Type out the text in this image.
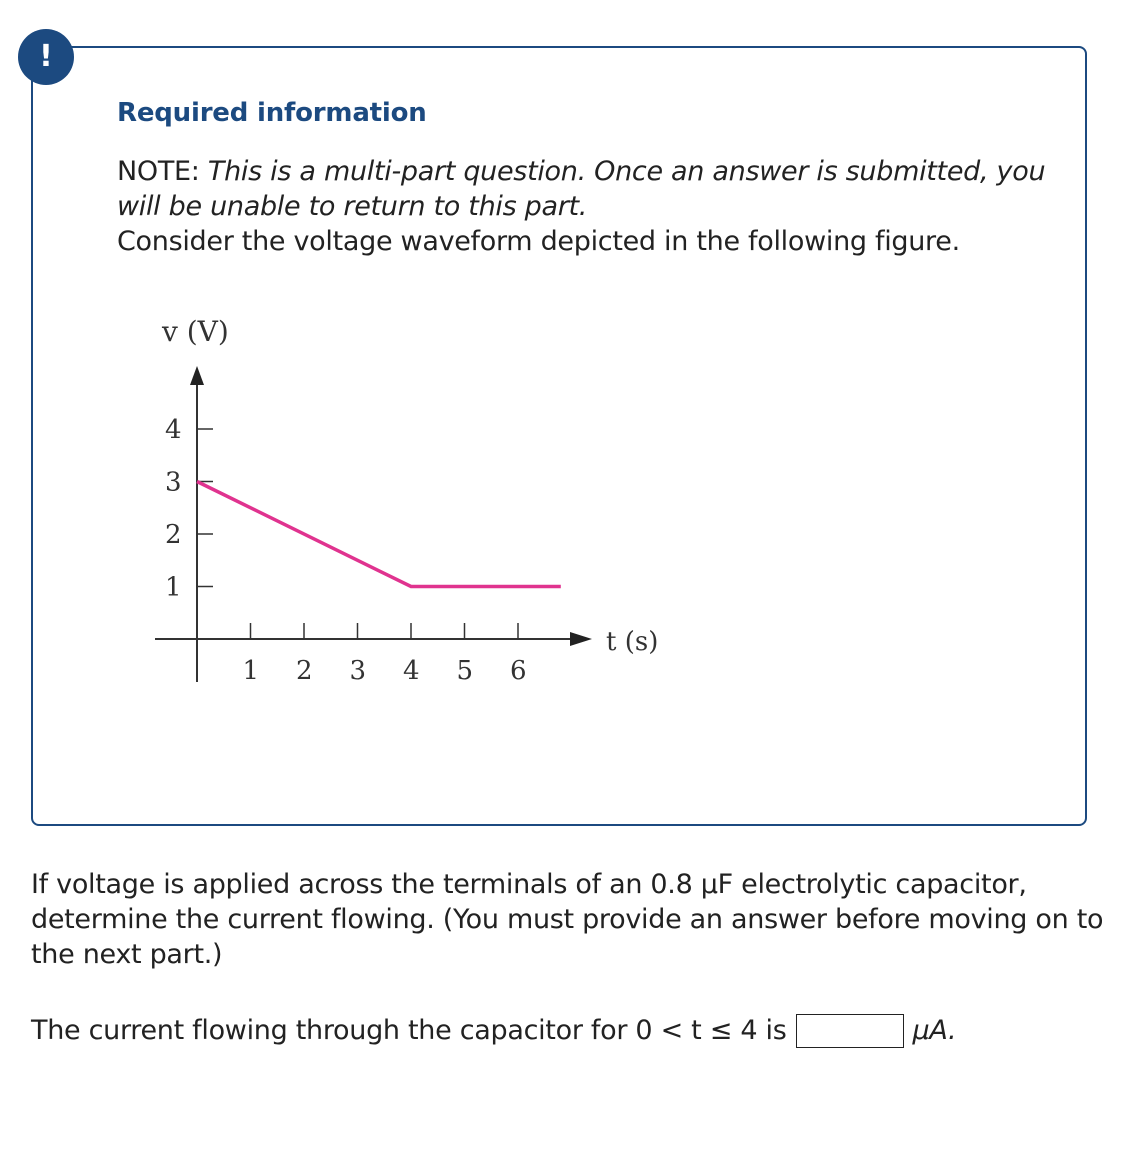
!
Required information
NOTE: This is a multi-part question. Once an answer is submitted, you will be unable to return to this part.
Consider the voltage waveform depicted in the following figure.
1
2
3
4
1 2 3 4 5 6
v (V)
t (s)

If voltage is applied across the terminals of an 0.8 µF electrolytic capacitor, determine the current flowing. (You must provide an answer before moving on to the next part.)

The current flowing through the capacitor for 0 < t ≤ 4 is	µA.
